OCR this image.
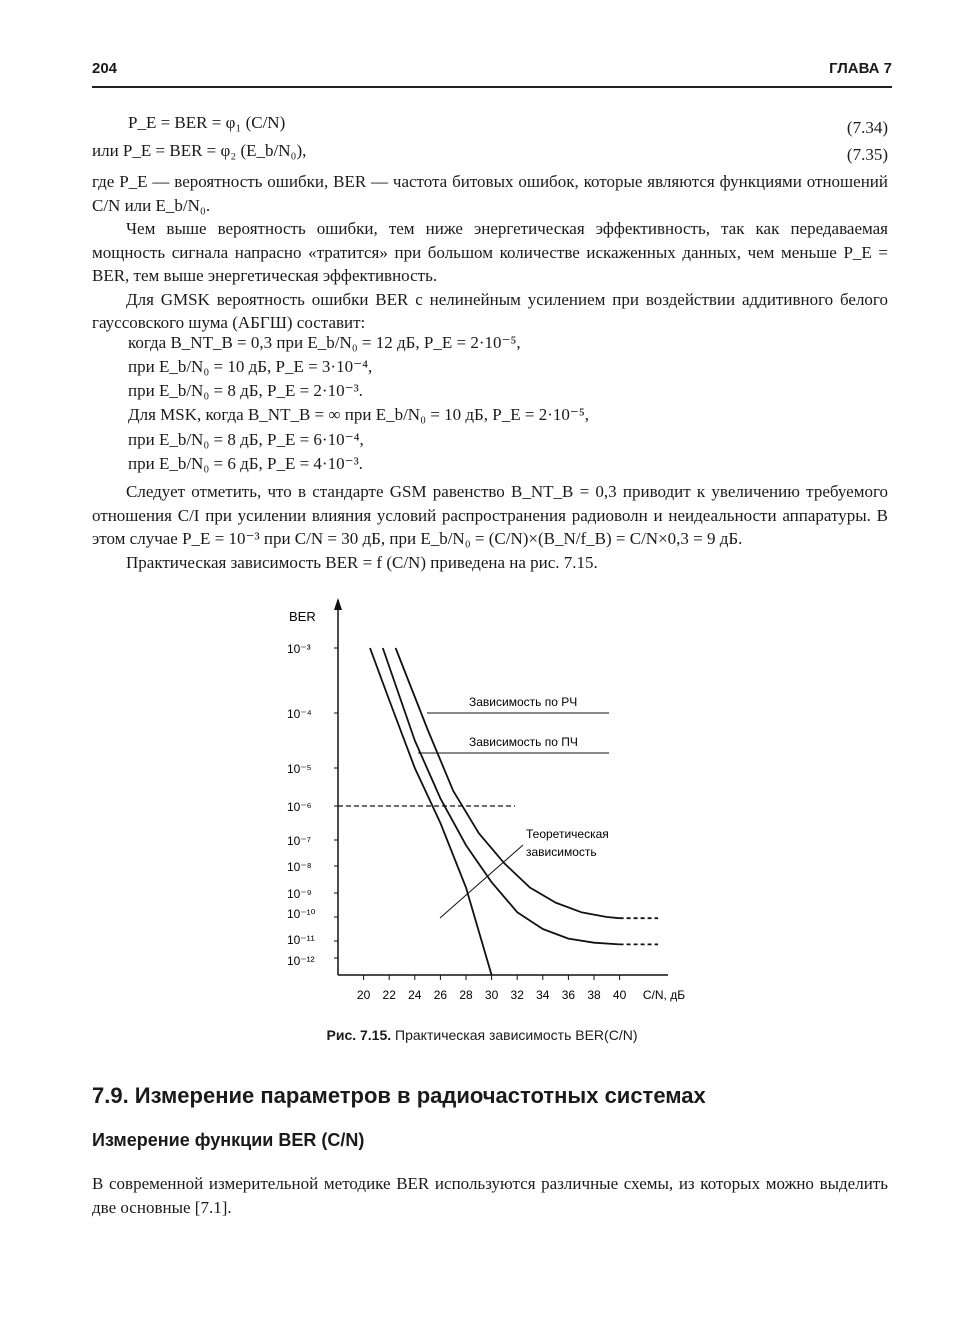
204	ГЛАВА 7
P_E = BER = φ₁ (C/N)	(7.34)
или P_E = BER = φ₂ (E_b/N₀),	(7.35)

где P_E — вероятность ошибки, BER — частота битовых ошибок, которые являются функциями отношений C/N или E_b/N₀.

Чем выше вероятность ошибки, тем ниже энергетическая эффективность, так как передаваемая мощность сигнала напрасно «тратится» при большом количестве искаженных данных, чем меньше P_E = BER, тем выше энергетическая эффективность.

Для GMSK вероятность ошибки BER с нелинейным усилением при воздействии аддитивного белого гауссовского шума (АБГШ) составит:

когда B_NT_B = 0,3 при E_b/N₀ = 12 дБ, P_E = 2·10⁻⁵,
при E_b/N₀ = 10 дБ, P_E = 3·10⁻⁴,
при E_b/N₀ = 8 дБ, P_E = 2·10⁻³.
Для MSK, когда B_NT_B = ∞ при E_b/N₀ = 10 дБ, P_E = 2·10⁻⁵,
при E_b/N₀ = 8 дБ, P_E = 6·10⁻⁴,
при E_b/N₀ = 6 дБ, P_E = 4·10⁻³.

Следует отметить, что в стандарте GSM равенство B_NT_B = 0,3 приводит к увеличению требуемого отношения C/I при усилении влияния условий распространения радиоволн и неидеальности аппаратуры. В этом случае P_E = 10⁻³ при C/N = 30 дБ, при E_b/N₀ = (C/N)×(B_N/f_B) = C/N×0,3 = 9 дБ.

Практическая зависимость BER = f (C/N) приведена на рис. 7.15.

BER
10⁻³
10⁻⁴
10⁻⁵
10⁻⁶
10⁻⁷
10⁻⁸
10⁻⁹
10⁻¹⁰
10⁻¹¹
10⁻¹²
20 22 24 26 28 30 32 34 36 38 40 C/N, дБ
Зависимость по РЧ
Зависимость по ПЧ
Теоретическая
зависимость
Рис. 7.15. Практическая зависимость BER(C/N)
7.9. Измерение параметров в радиочастотных системах
Измерение функции BER (C/N)

В современной измерительной методике BER используются различные схемы, из которых можно выделить две основные [7.1].
